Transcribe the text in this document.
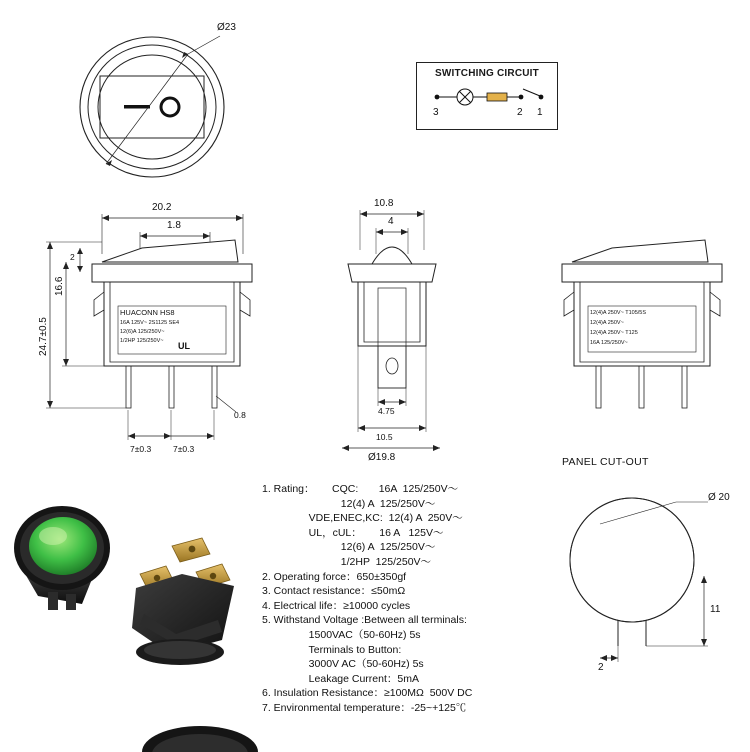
Ø23
SWITCHING CIRCUIT
3	2 1
20.2
1.8
2
16.6
24.7±0.5
0.8
7±0.3	7±0.3
HUACONN HS8
16A 125V~ 2S1125 SE4
12(6)A 125/250V~
1/2HP 125/250V~	UL
10.8
4
4.75
10.5
Ø19.8
12(4)A 250V~ T105/5S
12(4)A 250V~
12(4)A 250V~ T125
16A 125/250V~
PANEL CUT-OUT
Ø 20
11
2
1. Rating：      CQC:       16A  125/250V～
12(4) A  125/250V～
VDE,ENEC,KC:  12(4) A  250V～
UL，cUL：      16 A   125V～
12(6) A  125/250V～
1/2HP  125/250V～
2. Operating force：650±350gf
3. Contact resistance：≤50mΩ
4. Electrical life：≥10000 cycles
5. Withstand Voltage :Between all terminals:
1500VAC（50-60Hz) 5s
Terminals to Button:
3000V AC（50-60Hz) 5s
Leakage Current：5mA
6. Insulation Resistance：≥100MΩ  500V DC
7. Environmental temperature：-25~+125℃
